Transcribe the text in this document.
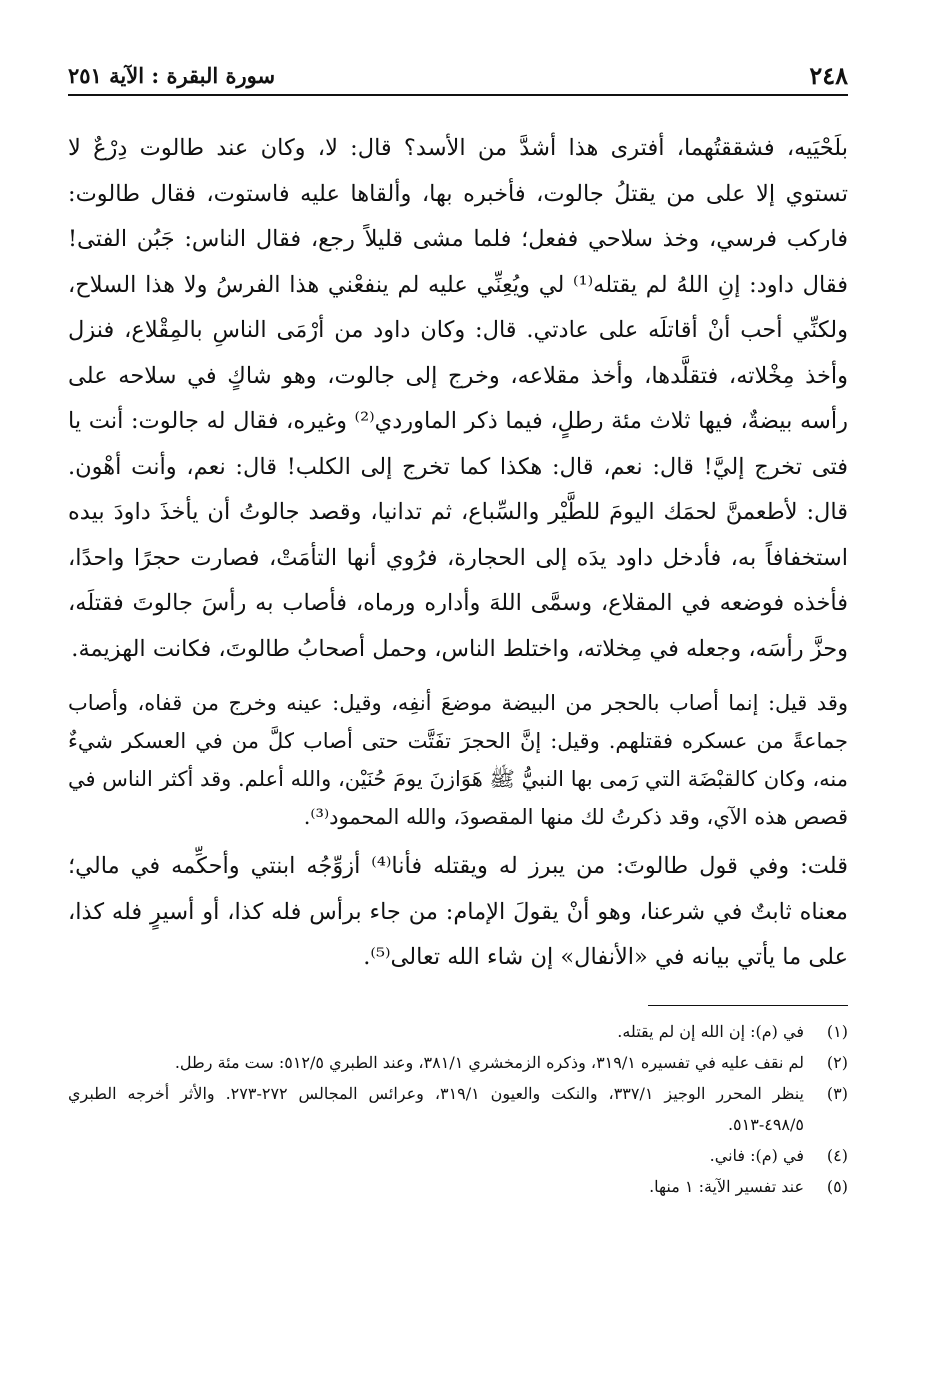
٢٤٨
سورة البقرة : الآية ٢٥١

بلَحْيَيه، فشققتُهما، أفترى هذا أشدَّ من الأسد؟ قال: لا، وكان عند طالوت دِرْعٌ لا تستوي إلا على من يقتلُ جالوت، فأخبره بها، وألقاها عليه فاستوت، فقال طالوت: فاركب فرسي، وخذ سلاحي ففعل؛ فلما مشى قليلاً رجع، فقال الناس: جَبُن الفتى! فقال داود: إنِ اللهُ لم يقتله⁽¹⁾ لي ويُعِنِّي عليه لم ينفعْني هذا الفرسُ ولا هذا السلاح، ولكنِّي أحب أنْ أقاتلَه على عادتي. قال: وكان داود من أرْمَى الناسِ بالمِقْلاع، فنزل وأخذ مِخْلاته، فتقلَّدها، وأخذ مقلاعه، وخرج إلى جالوت، وهو شاكٍ في سلاحه على رأسه بيضةٌ، فيها ثلاث مئة رطلٍ، فيما ذكر الماوردي⁽²⁾ وغيره، فقال له جالوت: أنت يا فتى تخرج إليَّ! قال: نعم، قال: هكذا كما تخرج إلى الكلب! قال: نعم، وأنت أهْون. قال: لأطعمنَّ لحمَك اليومَ للطَّيْر والسِّباع، ثم تدانيا، وقصد جالوتُ أن يأخذَ داودَ بيده استخفافاً به، فأدخل داود يدَه إلى الحجارة، فرُوي أنها التأمَتْ، فصارت حجرًا واحدًا، فأخذه فوضعه في المقلاع، وسمَّى اللهَ وأداره ورماه، فأصاب به رأسَ جالوتَ فقتلَه، وحزَّ رأسَه، وجعله في مِخلاته، واختلط الناس، وحمل أصحابُ طالوتَ، فكانت الهزيمة.

وقد قيل: إنما أصاب بالحجر من البيضة موضعَ أنفِه، وقيل: عينه وخرج من قفاه، وأصاب جماعةً من عسكره فقتلهم. وقيل: إنَّ الحجرَ تفَتَّت حتى أصاب كلَّ من في العسكر شيءٌ منه، وكان كالقبْضَة التي رَمى بها النبيُّ ﷺ هَوَازنَ يومَ حُنَيْن، والله أعلم. وقد أكثر الناس في قصص هذه الآي، وقد ذكرتُ لك منها المقصودَ، والله المحمود⁽³⁾.

قلت: وفي قول طالوتَ: من يبرز له ويقتله فأنا⁽⁴⁾ أزوِّجُه ابنتي وأحكِّمه في مالي؛ معناه ثابتٌ في شرعنا، وهو أنْ يقولَ الإمام: من جاء برأس فله كذا، أو أسيرٍ فله كذا، على ما يأتي بيانه في «الأنفال» إن شاء الله تعالى⁽⁵⁾.

(١)
في (م): إن الله إن لم يقتله.
(٢)
لم نقف عليه في تفسيره ٣١٩/١، وذكره الزمخشري ٣٨١/١، وعند الطبري ٥١٢/٥: ست مئة رطل.
(٣)
ينظر المحرر الوجيز ٣٣٧/١، والنكت والعيون ٣١٩/١، وعرائس المجالس ٢٧٢-٢٧٣. والأثر أخرجه الطبري ٤٩٨/٥-٥١٣.
(٤)
في (م): فاني.
(٥)
عند تفسير الآية: ١ منها.
